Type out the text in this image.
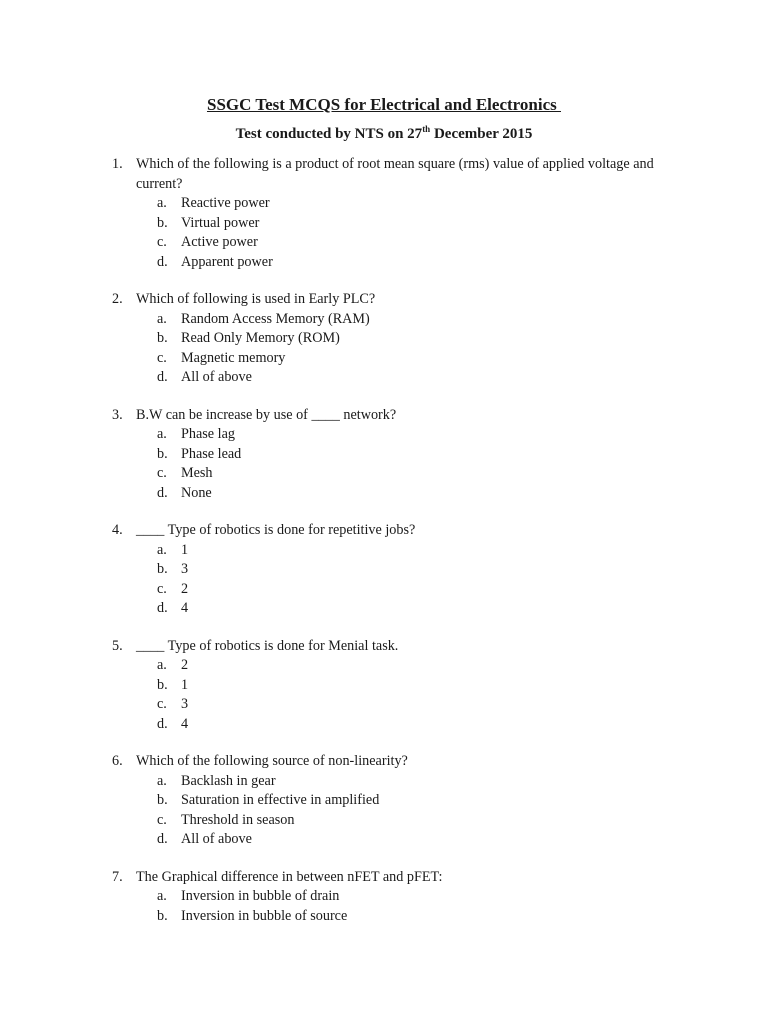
SSGC Test MCQS for Electrical and Electronics
Test conducted by NTS on 27th December 2015
1. Which of the following is a product of root mean square (rms) value of applied voltage and current?
a. Reactive power
b. Virtual power
c. Active power
d. Apparent power
2. Which of following is used in Early PLC?
a. Random Access Memory (RAM)
b. Read Only Memory (ROM)
c. Magnetic memory
d. All of above
3. B.W can be increase by use of ____ network?
a. Phase lag
b. Phase lead
c. Mesh
d. None
4. ____ Type of robotics is done for repetitive jobs?
a. 1
b. 3
c. 2
d. 4
5. ____ Type of robotics is done for Menial task.
a. 2
b. 1
c. 3
d. 4
6. Which of the following source of non-linearity?
a. Backlash in gear
b. Saturation in effective in amplified
c. Threshold in season
d. All of above
7. The Graphical difference in between nFET and pFET:
a. Inversion in bubble of drain
b. Inversion in bubble of source
